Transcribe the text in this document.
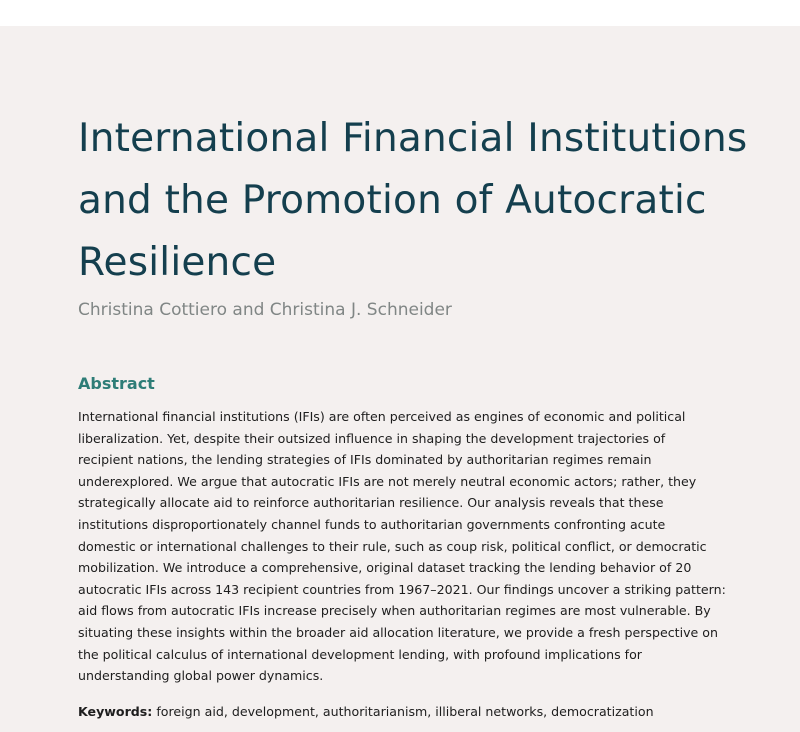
International Financial Institutions and the Promotion of Autocratic Resilience

Christina Cottiero and Christina J. Schneider

Abstract
International financial institutions (IFIs) are often perceived as engines of economic and political
liberalization. Yet, despite their outsized influence in shaping the development trajectories of
recipient nations, the lending strategies of IFIs dominated by authoritarian regimes remain
underexplored. We argue that autocratic IFIs are not merely neutral economic actors; rather, they
strategically allocate aid to reinforce authoritarian resilience. Our analysis reveals that these
institutions disproportionately channel funds to authoritarian governments confronting acute
domestic or international challenges to their rule, such as coup risk, political conflict, or democratic
mobilization. We introduce a comprehensive, original dataset tracking the lending behavior of 20
autocratic IFIs across 143 recipient countries from 1967–2021. Our findings uncover a striking pattern:
aid flows from autocratic IFIs increase precisely when authoritarian regimes are most vulnerable. By
situating these insights within the broader aid allocation literature, we provide a fresh perspective on
the political calculus of international development lending, with profound implications for
understanding global power dynamics.

Keywords: foreign aid, development, authoritarianism, illiberal networks, democratization
